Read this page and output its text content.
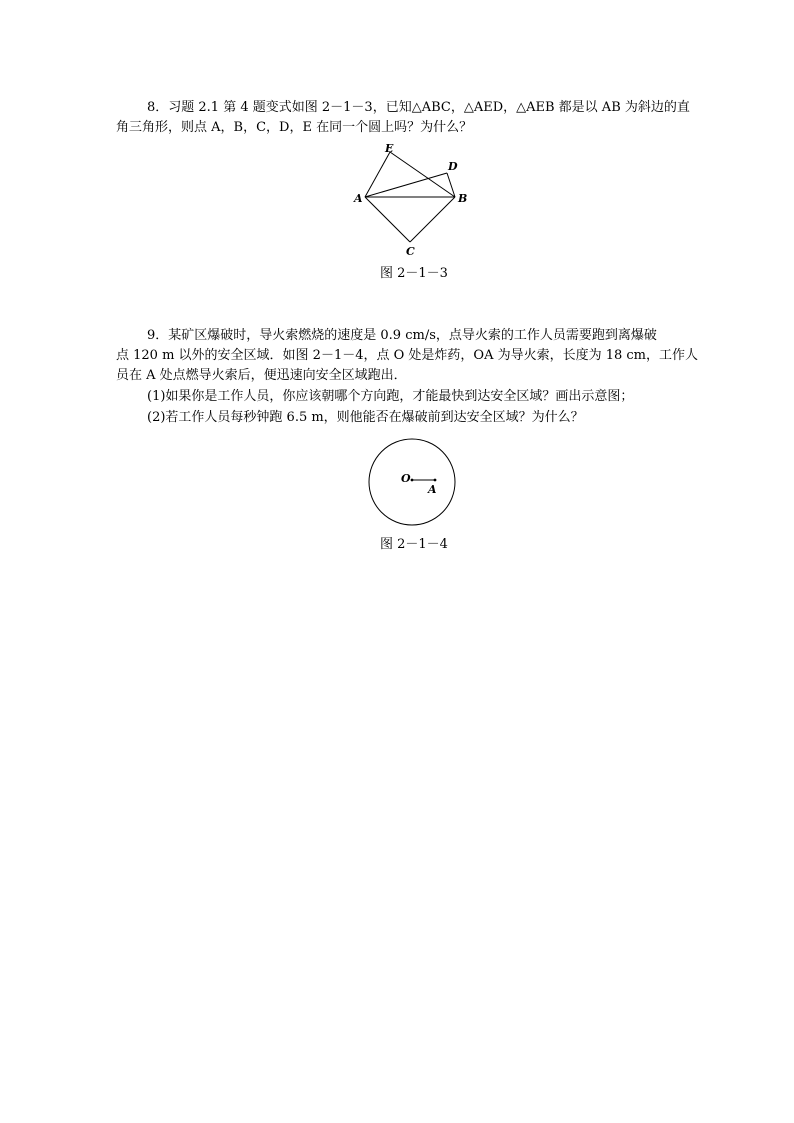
8．习题 2.1 第 4 题变式如图 2－1－3，已知△ABC，△AED，△AEB 都是以 AB 为斜边的直
角三角形，则点 A，B，C，D，E 在同一个圆上吗？为什么？
E
D
A	B
C
图 2－1－3
9．某矿区爆破时，导火索燃烧的速度是 0.9 cm/s，点导火索的工作人员需要跑到离爆破
点 120 m 以外的安全区域．如图 2－1－4，点 O 处是炸药，OA 为导火索，长度为 18 cm，工作人
员在 A 处点燃导火索后，便迅速向安全区域跑出．
(1)如果你是工作人员，你应该朝哪个方向跑，才能最快到达安全区域？画出示意图；
(2)若工作人员每秒钟跑 6.5 m，则他能否在爆破前到达安全区域？为什么？
O
A
图 2－1－4
